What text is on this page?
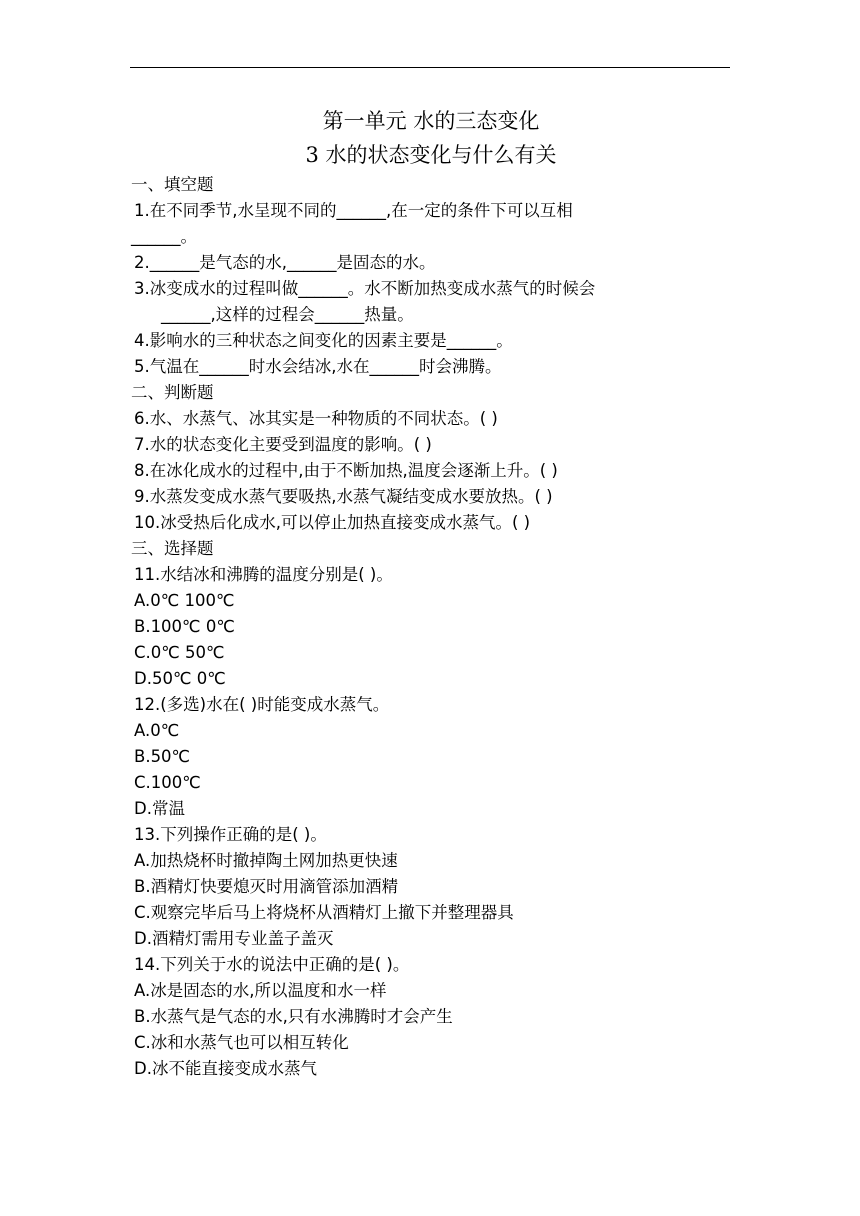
第一单元 水的三态变化
3 水的状态变化与什么有关
一、填空题
1.在不同季节,水呈现不同的______,在一定的条件下可以互相
______。
2.______是气态的水,______是固态的水。
3.冰变成水的过程叫做______。水不断加热变成水蒸气的时候会
______,这样的过程会______热量。
4.影响水的三种状态之间变化的因素主要是______。
5.气温在______时水会结冰,水在______时会沸腾。
二、判断题
6.水、水蒸气、冰其实是一种物质的不同状态。( )
7.水的状态变化主要受到温度的影响。( )
8.在冰化成水的过程中,由于不断加热,温度会逐渐上升。( )
9.水蒸发变成水蒸气要吸热,水蒸气凝结变成水要放热。( )
10.冰受热后化成水,可以停止加热直接变成水蒸气。( )
三、选择题
11.水结冰和沸腾的温度分别是( )。
A.0℃ 100℃
B.100℃ 0℃
C.0℃ 50℃
D.50℃ 0℃
12.(多选)水在( )时能变成水蒸气。
A.0℃
B.50℃
C.100℃
D.常温
13.下列操作正确的是( )。
A.加热烧杯时撤掉陶土网加热更快速
B.酒精灯快要熄灭时用滴管添加酒精
C.观察完毕后马上将烧杯从酒精灯上撤下并整理器具
D.酒精灯需用专业盖子盖灭
14.下列关于水的说法中正确的是( )。
A.冰是固态的水,所以温度和水一样
B.水蒸气是气态的水,只有水沸腾时才会产生
C.冰和水蒸气也可以相互转化
D.冰不能直接变成水蒸气
